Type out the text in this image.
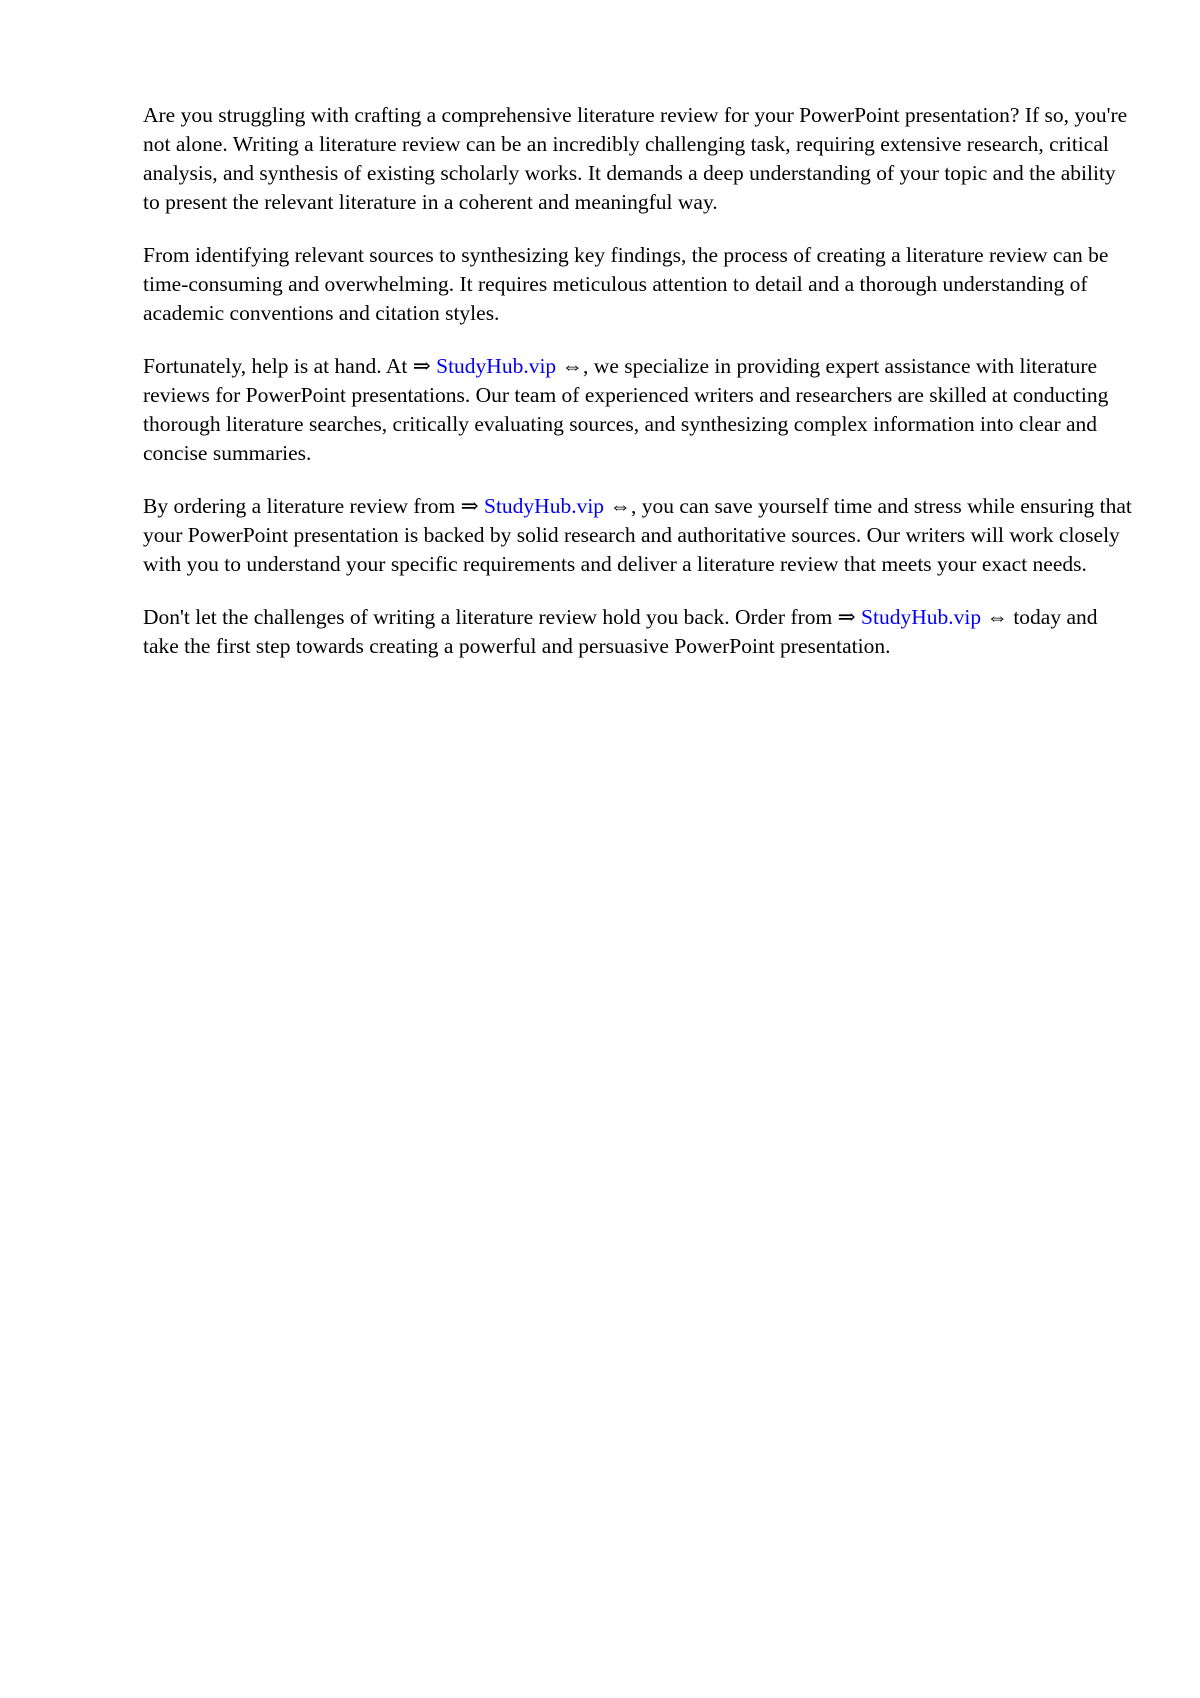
Are you struggling with crafting a comprehensive literature review for your PowerPoint presentation? If so, you're not alone. Writing a literature review can be an incredibly challenging task, requiring extensive research, critical analysis, and synthesis of existing scholarly works. It demands a deep understanding of your topic and the ability to present the relevant literature in a coherent and meaningful way.

From identifying relevant sources to synthesizing key findings, the process of creating a literature review can be time-consuming and overwhelming. It requires meticulous attention to detail and a thorough understanding of academic conventions and citation styles.

Fortunately, help is at hand. At ⇒ StudyHub.vip ⇔, we specialize in providing expert assistance with literature reviews for PowerPoint presentations. Our team of experienced writers and researchers are skilled at conducting thorough literature searches, critically evaluating sources, and synthesizing complex information into clear and concise summaries.

By ordering a literature review from ⇒ StudyHub.vip ⇔, you can save yourself time and stress while ensuring that your PowerPoint presentation is backed by solid research and authoritative sources. Our writers will work closely with you to understand your specific requirements and deliver a literature review that meets your exact needs.

Don't let the challenges of writing a literature review hold you back. Order from ⇒ StudyHub.vip ⇔ today and take the first step towards creating a powerful and persuasive PowerPoint presentation.
